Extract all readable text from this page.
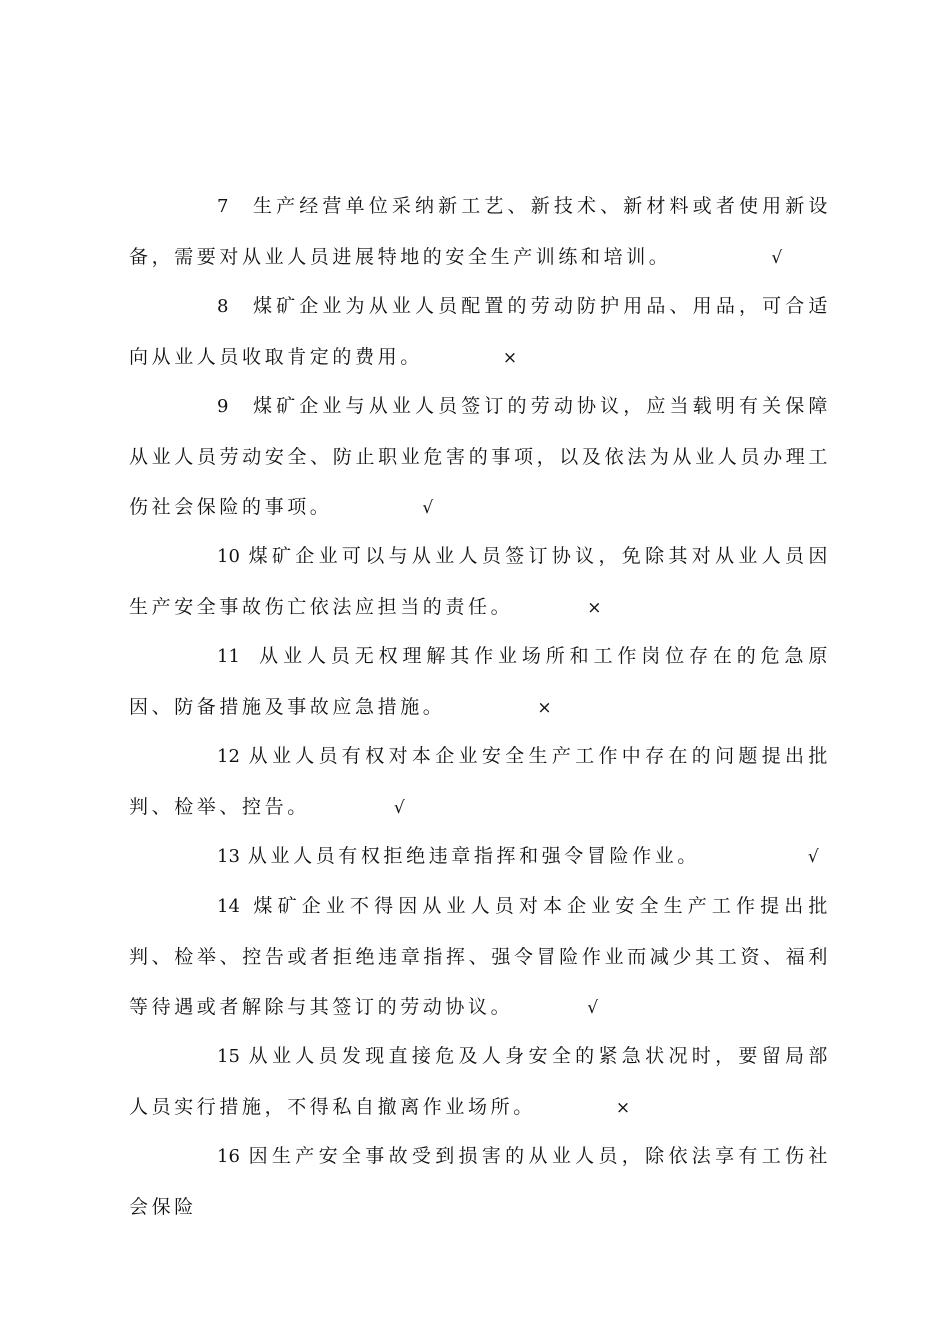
7 生产经营单位采纳新工艺、新技术、新材料或者使用新设备，需要对从业人员进展特地的安全生产训练和培训。	√

8 煤矿企业为从业人员配置的劳动防护用品、用品，可合适向从业人员收取肯定的费用。	×

9 煤矿企业与从业人员签订的劳动协议，应当载明有关保障从业人员劳动安全、防止职业危害的事项，以及依法为从业人员办理工伤社会保险的事项。	√

10 煤矿企业可以与从业人员签订协议，免除其对从业人员因生产安全事故伤亡依法应担当的责任。	×

11 从业人员无权理解其作业场所和工作岗位存在的危急原因、防备措施及事故应急措施。	×

12 从业人员有权对本企业安全生产工作中存在的问题提出批判、检举、控告。	√

13 从业人员有权拒绝违章指挥和强令冒险作业。	√

14 煤矿企业不得因从业人员对本企业安全生产工作提出批判、检举、控告或者拒绝违章指挥、强令冒险作业而减少其工资、福利等待遇或者解除与其签订的劳动协议。	√

15 从业人员发现直接危及人身安全的紧急状况时，要留局部人员实行措施，不得私自撤离作业场所。	×

16 因生产安全事故受到损害的从业人员，除依法享有工伤社会保险
